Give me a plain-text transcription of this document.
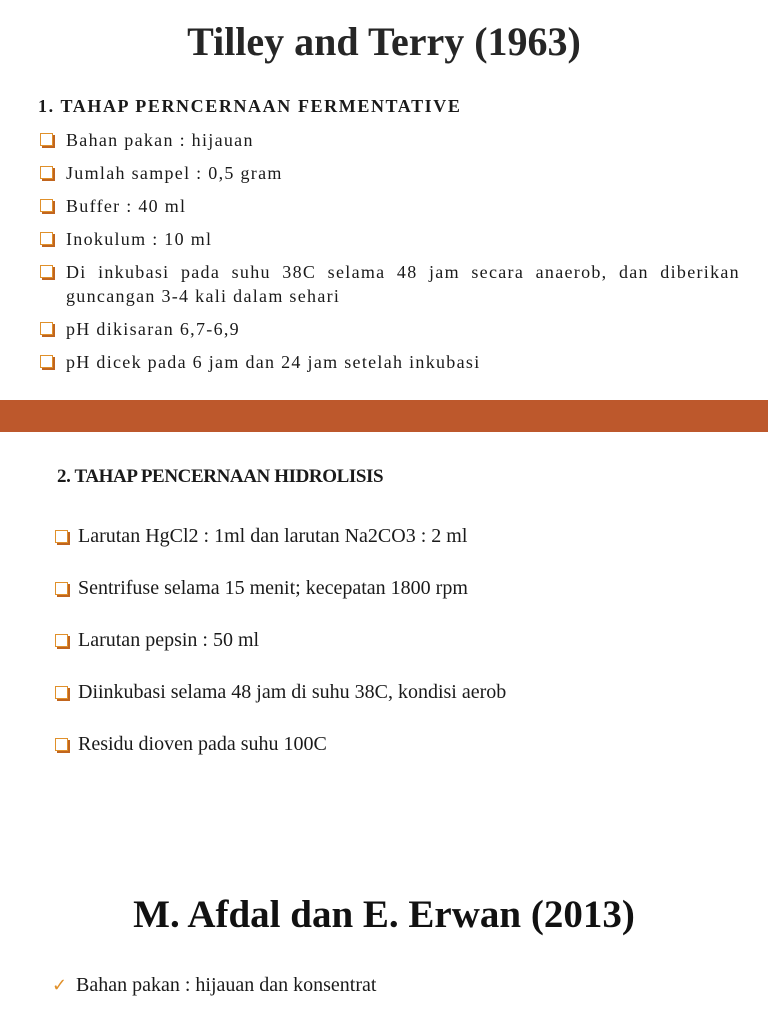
Tilley and Terry (1963)

1. TAHAP PERNCERNAAN FERMENTATIVE

Bahan pakan : hijauan
Jumlah sampel : 0,5 gram
Buffer : 40 ml
Inokulum : 10 ml
Di inkubasi pada suhu 38C selama 48 jam secara anaerob, dan diberikan guncangan 3-4 kali dalam sehari
pH dikisaran 6,7-6,9
pH dicek pada 6 jam dan 24 jam setelah inkubasi

2. TAHAP PENCERNAAN HIDROLISIS

Larutan HgCl2 : 1ml dan larutan Na2CO3 : 2 ml
Sentrifuse selama 15 menit; kecepatan 1800 rpm
Larutan pepsin : 50 ml
Diinkubasi selama 48 jam di suhu 38C, kondisi aerob
Residu dioven pada suhu 100C
M. Afdal dan E. Erwan (2013)
✓ Bahan pakan : hijauan dan konsentrat
